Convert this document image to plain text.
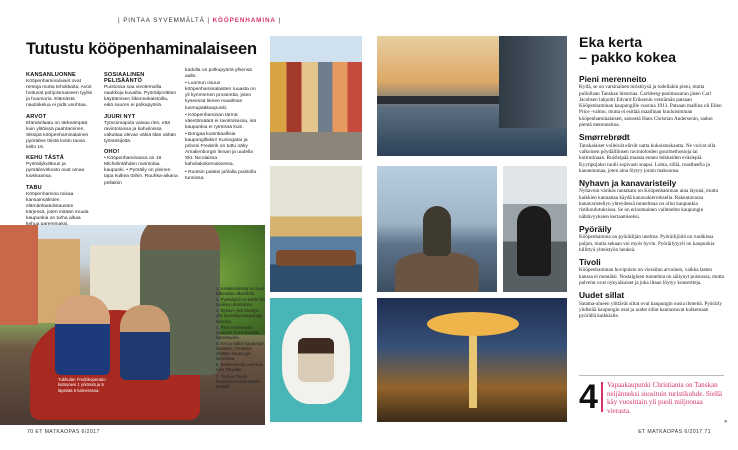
| PINTAA SYVEMMÄLTÄ | KÖÖPENHAMINA |
Tutustu kööpenhaminalaiseen
KANSANLUONNE

Kööpenhaminalaiset ovat rentoja mutta tehokkaita. Avoit hottuvat pohjoismaiseen tyyliin ja huumoria. Elämästä nautiskelua ei pidä unohtaa.

ARVOT

Elämänlaatu on tärkeämpää kuin ylitöissä paahtaminen. Siksipä kööpenhaminalainen pyöräilee töistä kotiin taosa kello 16.

KEHU TÄSTÄ

Pyöräilykulttuuri ja pyöräilevirkosto ovat omaa luokkaansa.

TABU

Kööpenhamina toisaa kansainvälisten elämänlaatulistausten kärjessä, joten mitään muuta kaupunkia on turha alkaa

SOSIAALINEN PELISÄÄNTÖ

Puistossa saa vieolemoilla naukkoja kuvailla. Pyöräilyreittien käyttämisen liikennekaistoilla, eikä suuren ei polkupyöriä.

JUURI NYT

Työvoimapula vaivaa rien, että ravintoloissa ja kahviloissa valtuttaa olevan väkiä tilan vähän työntekijöitä.

OHO!

• Kööpenhaminassa on 18 Michelintähden ravintolaa kaupunki. • Pyöräily on yleinen tapa kulkea töihin. Ruuhka-aikana pöllakiin

kadulla on polkupyöriä ylhensä aallo.

• Luomun osuus kööpenhaminalaisten ruuasta on yli kymmenen prosenttia, joten kyseessä lienee maailman luomupääkaupunki.

• Kööpenhaminan tärmä väestömäärä ei ravintoloissa, isä kaupunkia ei rytmissä kuin.

• Bongaa kuninkaallisia kaupungillakin! Kuningatar ja prinssi Frederik on tuttu näky Amalienborgin linnan ja uudella Skt. Nicolaissa kahvilakokemuksessa.

• Ruotsin palatsi juhlalla puistolla tunnissa.

Tukhulan Fredrikoperatio katsooesi 1 yrkössä ja 5 lapsista 5 kamerassa.

1. Kesäkaudessa on suuri kalleuksia ulkoviihde.

2. Pyöräilykin on kaikki ilta tuulissa ulkotiloissa.

3. Nyhavn yksi kävelyä yhä suosittuja kaupungin tarinoita.

4. Pieni merenneito kuuluisin kiven-kuvasto katseltaviksi.

5. Kivi ja kalliot kaupungin taustaksi. Fitnessiä yhtäältä kaupungin tarinoissa.

6. Smørrebrødit ovat kuin näin Tokyolla!

7. Tivoli ja Tivolin huvitukset rahoitukseksi kesällä.

70 ET MATKAOPAS 6/2017
Eka kerta
– pakko kokea
Pieni merenneito

Kyllä, se on varsinainen turistirysä ja todellakin pieni, mutta pullollaan Tanskan historiaa. Carlsberg-panimoauran jäsen Carl Jacobsen lahjoitti Edvard Eriksenin veistämän patsaan Kööpenhaminan kaupungille vuonna 1913. Patsaan mallina oli Ellen Price -valmo, mutta ei esittää maailman kuuluisimman kööpenhaminalaisen, satusetä Hans Christian Andersenin, sadun pientä merenneitoa.

Smørrebrødt

Tanskalaiset voileivät elävät uutta kukoistuskautta. Ne voivat olla valkoinen pöydälllinsen ravintoloiden gourmethostoja tai kotirutinaan. Ruisleipää maasta ennen leikkeiden eväslepiä. Kyytipojaksi tuulii sopivasti snapsi. Lohta, silliä, roastbeefia ja kananmunaa, joten aina löytyy jotain makuunsa.

Nyhavn ja kanavaristeily

Nyhavnin värikäs rantakatu on Kööpenhaminan aina täynnä, mutta kaikkien kannattaa käydä kanavakierroksella. Rakentavassa kanavaristeilyn yhteydessä tunnelmaa on ollut kaupunkia ristikoulutuksissa. Se on erinomainen vaihtoehto kaupungin nähtävyyksien kertaamiseksi.

Pyöräily

Kööpenhamina on pyöräilijän unelma. Pyöräilijöitä on ruuhkissa paljon, mutta sekaan voi myös hyvin. Pyöräilytyyli on kaupunkia hillittyä yhteistyön henkeä.

Tivoli

Kööpenhaminan huvipuisto on vierailun arvoinen, vaikka lasten kanssa ei mentäisi. Nostalginen tunnelma on säilynyt puistossa, mutta palvelut ovat nykyaikaiset ja joka iltaan löytyy konsertteja.

Uudet sillat

Satama-alueen ylittävät siltat ovat kaupungin uusia ihmeitä. Pyöräily yhdistää kaupungin osat ja uudet sillat kannustavat kulkemaan pyörällä kaikkialle.

4 Vapaakaupunki Christiania on Tanskan neljänneksi suosituin turistikohde. Siellä käy vuosittain yli puoli miljoonaa vierasta.
»
ET MATKAOPAS 6/2017 71
